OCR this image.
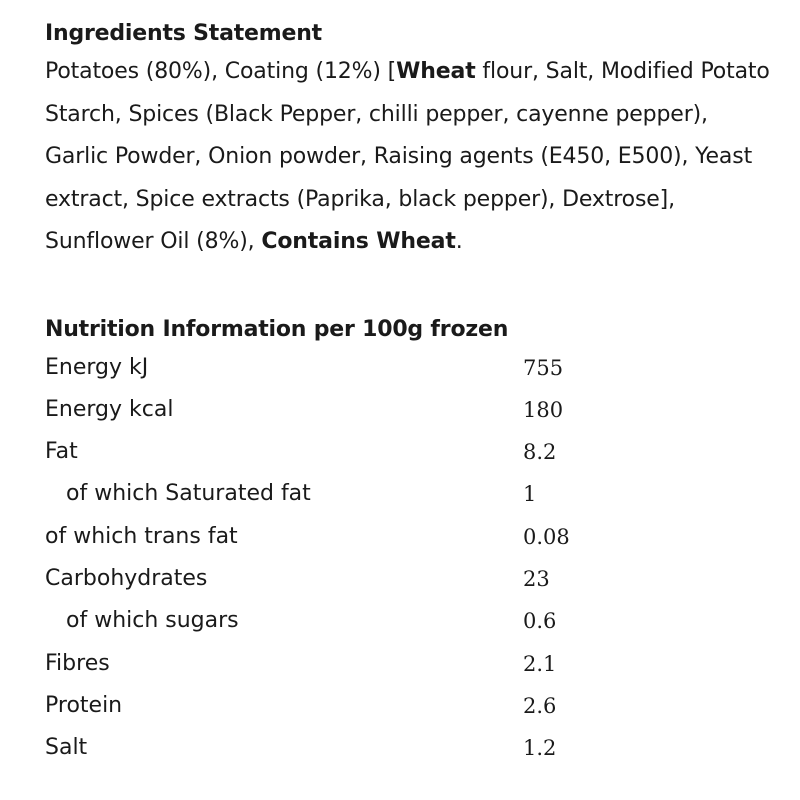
Ingredients Statement

Potatoes (80%), Coating (12%) [Wheat flour, Salt, Modified Potato Starch, Spices (Black Pepper, chilli pepper, cayenne pepper), Garlic Powder, Onion powder, Raising agents (E450, E500), Yeast extract, Spice extracts (Paprika, black pepper), Dextrose], Sunflower Oil (8%), Contains Wheat.

Nutrition Information per 100g frozen
Energy kJ	755
Energy kcal	180
Fat	8.2
of which Saturated fat	1
of which trans fat	0.08
Carbohydrates	23
of which sugars	0.6
Fibres	2.1
Protein	2.6
Salt	1.2
